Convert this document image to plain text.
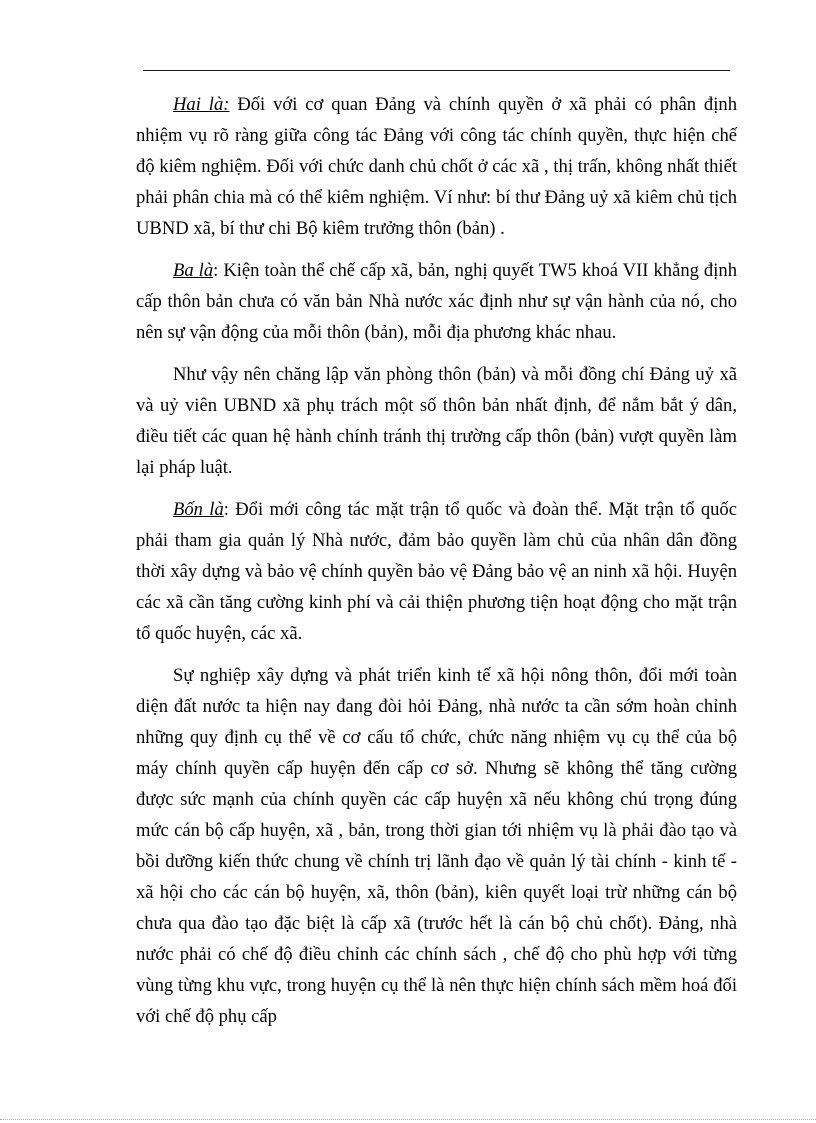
Hai là: Đối với cơ quan Đảng và chính quyền ở xã phải có phân định nhiệm vụ rõ ràng giữa công tác Đảng với công tác chính quyền, thực hiện chế độ kiêm nghiệm. Đối với chức danh chủ chốt ở các xã , thị trấn, không nhất thiết phải phân chia mà có thể kiêm nghiệm. Ví như: bí thư Đảng uỷ xã kiêm chủ tịch UBND xã, bí thư chi Bộ kiêm trưởng thôn (bản) .

Ba là: Kiện toàn thể chế cấp xã, bản, nghị quyết TW5 khoá VII khẳng định cấp thôn bản chưa có văn bản Nhà nước xác định như sự vận hành của nó, cho nên sự vận động của mỗi thôn (bản), mỗi địa phương khác nhau.

Như vậy nên chăng lập văn phòng thôn (bản) và mỗi đồng chí Đảng uỷ xã và uỷ viên UBND xã phụ trách một số thôn bản nhất định, để nắm bắt ý dân, điều tiết các quan hệ hành chính tránh thị trường cấp thôn (bản) vượt quyền làm lại pháp luật.

Bốn là: Đổi mới công tác mặt trận tổ quốc và đoàn thể. Mặt trận tổ quốc phải tham gia quản lý Nhà nước, đảm bảo quyền làm chủ của nhân dân đồng thời xây dựng và bảo vệ chính quyền bảo vệ Đảng bảo vệ an ninh xã hội. Huyện các xã cần tăng cường kinh phí và cải thiện phương tiện hoạt động cho mặt trận tổ quốc huyện, các xã.

Sự nghiệp xây dựng và phát triển kinh tế xã hội nông thôn, đổi mới toàn diện đất nước ta hiện nay đang đòi hỏi Đảng, nhà nước ta cần sớm hoàn chỉnh những quy định cụ thể về cơ cấu tổ chức, chức năng nhiệm vụ cụ thể của bộ máy chính quyền cấp huyện đến cấp cơ sở. Nhưng sẽ không thể tăng cường được sức mạnh của chính quyền các cấp huyện xã nếu không chú trọng đúng mức cán bộ cấp huyện, xã , bản, trong thời gian tới nhiệm vụ là phải đào tạo và bồi dưỡng kiến thức chung về chính trị lãnh đạo về quản lý tài chính - kinh tế - xã hội cho các cán bộ huyện, xã, thôn (bản), kiên quyết loại trừ những cán bộ chưa qua đào tạo đặc biệt là cấp xã (trước hết là cán bộ chủ chốt). Đảng, nhà nước phải có chế độ điều chỉnh các chính sách , chế độ cho phù hợp với từng vùng từng khu vực, trong huyện cụ thể là nên thực hiện chính sách mềm hoá đối với chế độ phụ cấp
